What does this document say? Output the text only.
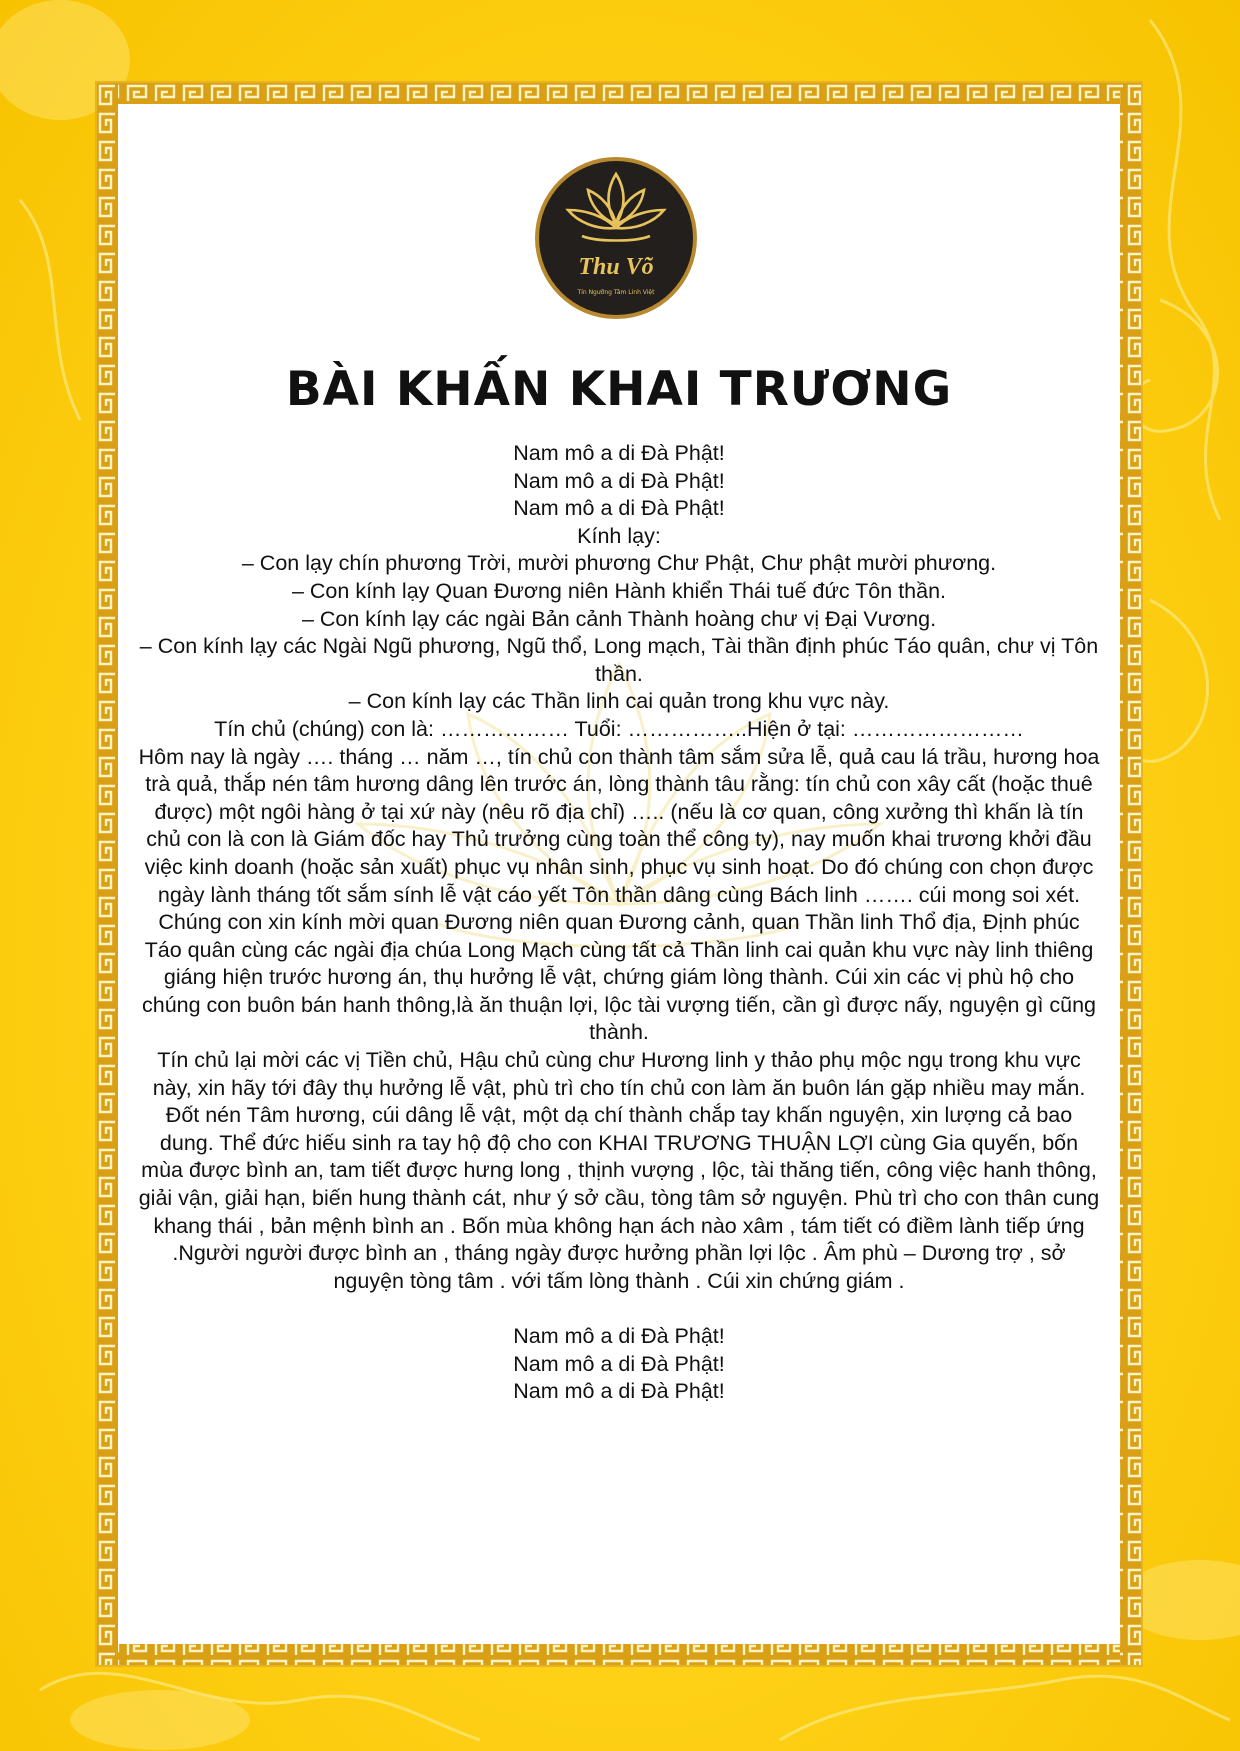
Thu Võ
Tín Ngưỡng Tâm Linh Việt
BÀI KHẤN KHAI TRƯƠNG

Nam mô a di Đà Phật!

Nam mô a di Đà Phật!

Nam mô a di Đà Phật!

Kính lạy:

– Con lạy chín phương Trời, mười phương Chư Phật, Chư phật mười phương.

– Con kính lạy Quan Đương niên Hành khiển Thái tuế đức Tôn thần.

– Con kính lạy các ngài Bản cảnh Thành hoàng chư vị Đại Vương.

– Con kính lạy các Ngài Ngũ phương, Ngũ thổ, Long mạch, Tài thần định phúc Táo quân, chư vị Tôn thần.

– Con kính lạy các Thần linh cai quản trong khu vực này.

Tín chủ (chúng) con là: ……………… Tuổi: ……………..Hiện ở tại: ……………………

Hôm nay là ngày …. tháng … năm …, tín chủ con thành tâm sắm sửa lễ, quả cau lá trầu, hương hoa trà quả, thắp nén tâm hương dâng lên trước án, lòng thành tâu rằng: tín chủ con xây cất (hoặc thuê được) một ngôi hàng ở tại xứ này (nêu rõ địa chỉ) ….. (nếu là cơ quan, công xưởng thì khấn là tín chủ con là con là Giám đốc hay Thủ trưởng cùng toàn thể công ty), nay muốn khai trương khởi đầu việc kinh doanh (hoặc sản xuất) phục vụ nhân sinh, phục vụ sinh hoạt. Do đó chúng con chọn được ngày lành tháng tốt sắm sính lễ vật cáo yết Tôn thần dâng cùng Bách linh ……. cúi mong soi xét.

Chúng con xin kính mời quan Đương niên quan Đương cảnh, quan Thần linh Thổ địa, Định phúc Táo quân cùng các ngài địa chúa Long Mạch cùng tất cả Thần linh cai quản khu vực này linh thiêng giáng hiện trước hương án, thụ hưởng lễ vật, chứng giám lòng thành. Cúi xin các vị phù hộ cho chúng con buôn bán hanh thông,là ăn thuận lợi, lộc tài vượng tiến, cần gì được nấy, nguyện gì cũng thành.

Tín chủ lại mời các vị Tiền chủ, Hậu chủ cùng chư Hương linh y thảo phụ mộc ngụ trong khu vực này, xin hãy tới đây thụ hưởng lễ vật, phù trì cho tín chủ con làm ăn buôn lán gặp nhiều may mắn.

Đốt nén Tâm hương, cúi dâng lễ vật, một dạ chí thành chắp tay khấn nguyện, xin lượng cả bao dung. Thể đức hiếu sinh ra tay hộ độ cho con KHAI TRƯƠNG THUẬN LỢI cùng Gia quyến, bốn mùa được bình an, tam tiết được hưng long , thịnh vượng , lộc, tài thăng tiến, công việc hanh thông, giải vận, giải hạn, biến hung thành cát, như ý sở cầu, tòng tâm sở nguyện. Phù trì cho con thân cung khang thái , bản mệnh bình an . Bốn mùa không hạn ách nào xâm , tám tiết có điềm lành tiếp ứng .Người người được bình an , tháng ngày được hưởng phần lợi lộc . Âm phù – Dương trợ , sở nguyện tòng tâm . với tấm lòng thành . Cúi xin chứng giám .

Nam mô a di Đà Phật!

Nam mô a di Đà Phật!

Nam mô a di Đà Phật!
